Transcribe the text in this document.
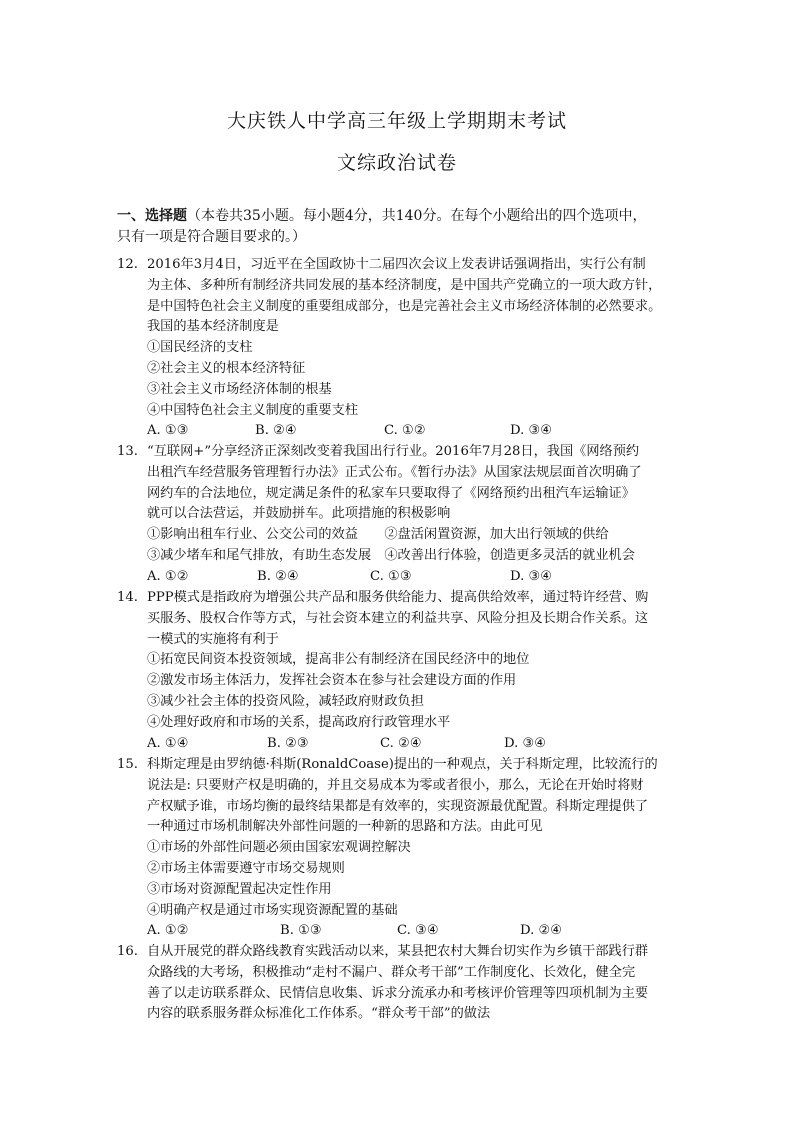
大庆铁人中学高三年级上学期期末考试
文综政治试卷
一、选择题（本卷共35小题。每小题4分，共140分。在每个小题给出的四个选项中，
只有一项是符合题目要求的。）
12. 2016年3月4日，习近平在全国政协十二届四次会议上发表讲话强调指出，实行公有制
为主体、多种所有制经济共同发展的基本经济制度，是中国共产党确立的一项大政方针，
是中国特色社会主义制度的重要组成部分，也是完善社会主义市场经济体制的必然要求。
我国的基本经济制度是
①国民经济的支柱
②社会主义的根本经济特征
③社会主义市场经济体制的根基
④中国特色社会主义制度的重要支柱
A. ①③	B. ②④	C. ①②	D. ③④
13. “互联网+”分享经济正深刻改变着我国出行行业。2016年7月28日，我国《网络预约
出租汽车经营服务管理暂行办法》正式公布。《暂行办法》从国家法规层面首次明确了
网约车的合法地位，规定满足条件的私家车只要取得了《网络预约出租汽车运输证》
就可以合法营运，并鼓励拼车。此项措施的积极影响
①影响出租车行业、公交公司的效益　　②盘活闲置资源，加大出行领域的供给
③减少堵车和尾气排放，有助生态发展　④改善出行体验，创造更多灵活的就业机会
A. ①②	B. ②④	C. ①③	D. ③④
14. PPP模式是指政府为增强公共产品和服务供给能力、提高供给效率，通过特许经营、购
买服务、股权合作等方式，与社会资本建立的利益共享、风险分担及长期合作关系。这
一模式的实施将有利于
①拓宽民间资本投资领域，提高非公有制经济在国民经济中的地位
②激发市场主体活力，发挥社会资本在参与社会建设方面的作用
③减少社会主体的投资风险，减轻政府财政负担
④处理好政府和市场的关系，提高政府行政管理水平
A. ①④	B. ②③	C. ②④	D. ③④
15. 科斯定理是由罗纳德·科斯(RonaldCoase)提出的一种观点，关于科斯定理，比较流行的
说法是: 只要财产权是明确的，并且交易成本为零或者很小，那么，无论在开始时将财
产权赋予谁，市场均衡的最终结果都是有效率的，实现资源最优配置。科斯定理提供了
一种通过市场机制解决外部性问题的一种新的思路和方法。由此可见
①市场的外部性问题必须由国家宏观调控解决
②市场主体需要遵守市场交易规则
③市场对资源配置起决定性作用
④明确产权是通过市场实现资源配置的基础
A. ①②	B. ①③	C. ③④	D. ②④
16. 自从开展党的群众路线教育实践活动以来，某县把农村大舞台切实作为乡镇干部践行群
众路线的大考场，积极推动“走村不漏户、群众考干部”工作制度化、长效化，健全完
善了以走访联系群众、民情信息收集、诉求分流承办和考核评价管理等四项机制为主要
内容的联系服务群众标准化工作体系。“群众考干部”的做法
